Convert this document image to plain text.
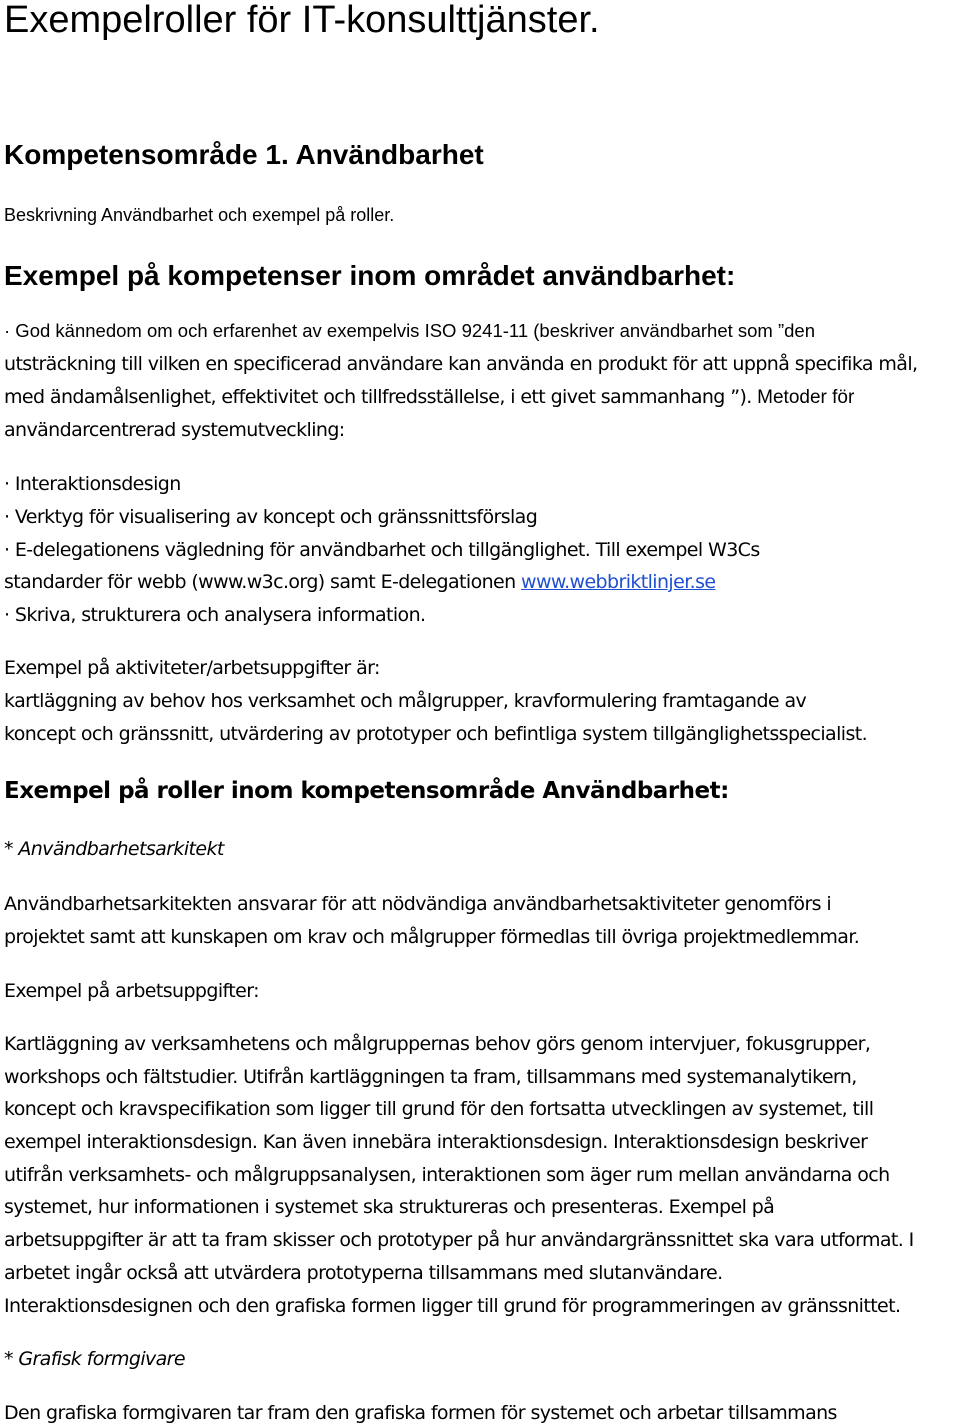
Exempelroller för IT-konsulttjänster.
Kompetensområde 1. Användbarhet
Beskrivning Användbarhet och exempel på roller.
Exempel på kompetenser inom området användbarhet:
· God kännedom om och erfarenhet av exempelvis ISO 9241-11 (beskriver användbarhet som ”den
utsträckning till vilken en specificerad användare kan använda en produkt för att uppnå specifika mål,
med ändamålsenlighet, effektivitet och tillfredsställelse, i ett givet sammanhang ”). Metoder för
användarcentrerad systemutveckling:
· Interaktionsdesign
· Verktyg för visualisering av koncept och gränssnittsförslag
· E-delegationens vägledning för användbarhet och tillgänglighet. Till exempel W3Cs
standarder för webb (www.w3c.org) samt E-delegationen www.webbriktlinjer.se
· Skriva, strukturera och analysera information.
Exempel på aktiviteter/arbetsuppgifter är:
kartläggning av behov hos verksamhet och målgrupper, kravformulering framtagande av
koncept och gränssnitt, utvärdering av prototyper och befintliga system tillgänglighetsspecialist.
Exempel på roller inom kompetensområde Användbarhet:
* Användbarhetsarkitekt
Användbarhetsarkitekten ansvarar för att nödvändiga användbarhetsaktiviteter genomförs i
projektet samt att kunskapen om krav och målgrupper förmedlas till övriga projektmedlemmar.
Exempel på arbetsuppgifter:
Kartläggning av verksamhetens och målgruppernas behov görs genom intervjuer, fokusgrupper,
workshops och fältstudier. Utifrån kartläggningen ta fram, tillsammans med systemanalytikern,
koncept och kravspecifikation som ligger till grund för den fortsatta utvecklingen av systemet, till
exempel interaktionsdesign. Kan även innebära interaktionsdesign. Interaktionsdesign beskriver
utifrån verksamhets- och målgruppsanalysen, interaktionen som äger rum mellan användarna och
systemet, hur informationen i systemet ska struktureras och presenteras. Exempel på
arbetsuppgifter är att ta fram skisser och prototyper på hur användargränssnittet ska vara utformat. I
arbetet ingår också att utvärdera prototyperna tillsammans med slutanvändare.
Interaktionsdesignen och den grafiska formen ligger till grund för programmeringen av gränssnittet.
* Grafisk formgivare
Den grafiska formgivaren tar fram den grafiska formen för systemet och arbetar tillsammans
